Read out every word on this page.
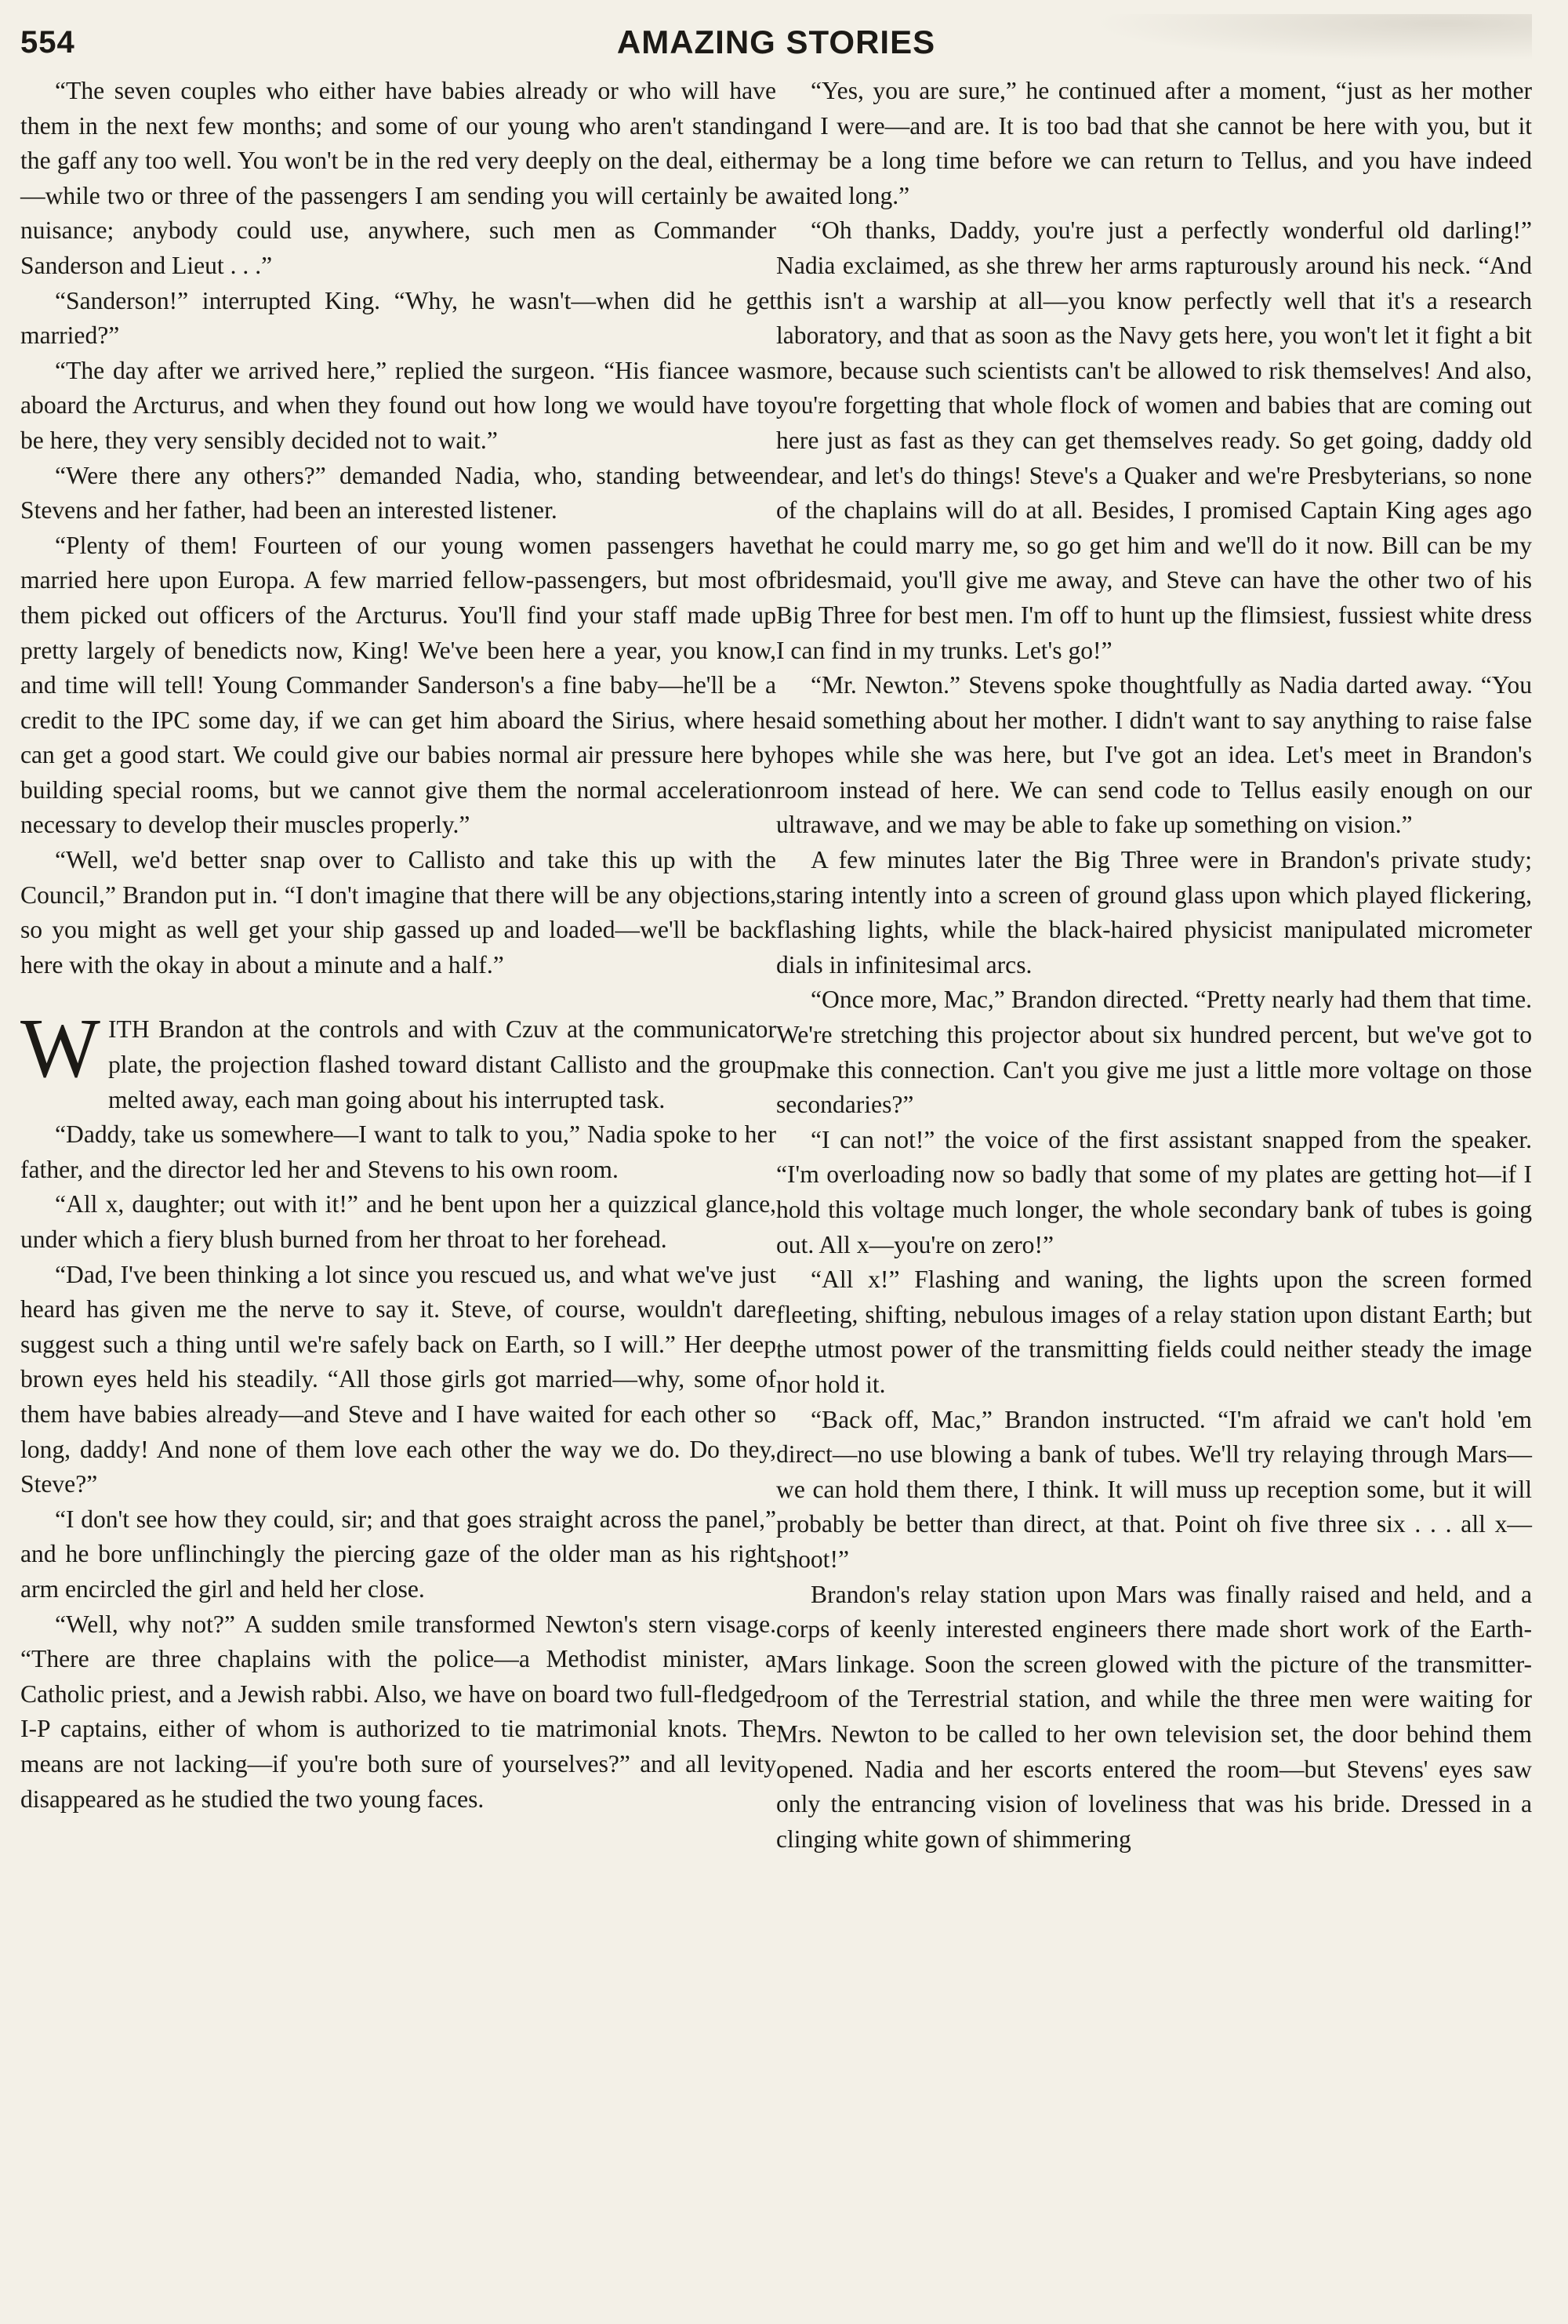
554	AMAZING STORIES

“The seven couples who either have babies already or who will have them in the next few months; and some of our young who aren't standing the gaff any too well. You won't be in the red very deeply on the deal, either—while two or three of the passengers I am sending you will certainly be a nuisance; anybody could use, anywhere, such men as Commander Sanderson and Lieut . . .”

“Sanderson!” interrupted King. “Why, he wasn't—when did he get married?”

“The day after we arrived here,” replied the surgeon. “His fiancee was aboard the Arcturus, and when they found out how long we would have to be here, they very sensibly decided not to wait.”

“Were there any others?” demanded Nadia, who, standing between Stevens and her father, had been an interested listener.

“Plenty of them! Fourteen of our young women passengers have married here upon Europa. A few married fellow-passengers, but most of them picked out officers of the Arcturus. You'll find your staff made up pretty largely of benedicts now, King! We've been here a year, you know, and time will tell! Young Commander Sanderson's a fine baby—he'll be a credit to the IPC some day, if we can get him aboard the Sirius, where he can get a good start. We could give our babies normal air pressure here by building special rooms, but we cannot give them the normal acceleration necessary to develop their muscles properly.”

“Well, we'd better snap over to Callisto and take this up with the Council,” Brandon put in. “I don't imagine that there will be any objections, so you might as well get your ship gassed up and loaded—we'll be back here with the okay in about a minute and a half.”

WITH Brandon at the controls and with Czuv at the communicator plate, the projection flashed toward distant Callisto and the group melted away, each man going about his interrupted task.

“Daddy, take us somewhere—I want to talk to you,” Nadia spoke to her father, and the director led her and Stevens to his own room.

“All x, daughter; out with it!” and he bent upon her a quizzical glance, under which a fiery blush burned from her throat to her forehead.

“Dad, I've been thinking a lot since you rescued us, and what we've just heard has given me the nerve to say it. Steve, of course, wouldn't dare suggest such a thing until we're safely back on Earth, so I will.” Her deep brown eyes held his steadily. “All those girls got married—why, some of them have babies already—and Steve and I have waited for each other so long, daddy! And none of them love each other the way we do. Do they, Steve?”

“I don't see how they could, sir; and that goes straight across the panel,” and he bore unflinchingly the piercing gaze of the older man as his right arm encircled the girl and held her close.

“Well, why not?” A sudden smile transformed Newton's stern visage. “There are three chaplains with the police—a Methodist minister, a Catholic priest, and a Jewish rabbi. Also, we have on board two full-fledged I-P captains, either of whom is authorized to tie matrimonial knots. The means are not lacking—if you're both sure of yourselves?” and all levity disappeared as he studied the two young faces.

“Yes, you are sure,” he continued after a moment, “just as her mother and I were—and are. It is too bad that she cannot be here with you, but it may be a long time before we can return to Tellus, and you have indeed waited long.”

“Oh thanks, Daddy, you're just a perfectly wonderful old darling!” Nadia exclaimed, as she threw her arms rapturously around his neck. “And this isn't a warship at all—you know perfectly well that it's a research laboratory, and that as soon as the Navy gets here, you won't let it fight a bit more, because such scientists can't be allowed to risk themselves! And also, you're forgetting that whole flock of women and babies that are coming out here just as fast as they can get themselves ready. So get going, daddy old dear, and let's do things! Steve's a Quaker and we're Presbyterians, so none of the chaplains will do at all. Besides, I promised Captain King ages ago that he could marry me, so go get him and we'll do it now. Bill can be my bridesmaid, you'll give me away, and Steve can have the other two of his Big Three for best men. I'm off to hunt up the flimsiest, fussiest white dress I can find in my trunks. Let's go!”

“Mr. Newton.” Stevens spoke thoughtfully as Nadia darted away. “You said something about her mother. I didn't want to say anything to raise false hopes while she was here, but I've got an idea. Let's meet in Brandon's room instead of here. We can send code to Tellus easily enough on our ultrawave, and we may be able to fake up something on vision.”

A few minutes later the Big Three were in Brandon's private study; staring intently into a screen of ground glass upon which played flickering, flashing lights, while the black-haired physicist manipulated micrometer dials in infinitesimal arcs.

“Once more, Mac,” Brandon directed. “Pretty nearly had them that time. We're stretching this projector about six hundred percent, but we've got to make this connection. Can't you give me just a little more voltage on those secondaries?”

“I can not!” the voice of the first assistant snapped from the speaker. “I'm overloading now so badly that some of my plates are getting hot—if I hold this voltage much longer, the whole secondary bank of tubes is going out. All x—you're on zero!”

“All x!” Flashing and waning, the lights upon the screen formed fleeting, shifting, nebulous images of a relay station upon distant Earth; but the utmost power of the transmitting fields could neither steady the image nor hold it.

“Back off, Mac,” Brandon instructed. “I'm afraid we can't hold 'em direct—no use blowing a bank of tubes. We'll try relaying through Mars—we can hold them there, I think. It will muss up reception some, but it will probably be better than direct, at that. Point oh five three six . . . all x—shoot!”

Brandon's relay station upon Mars was finally raised and held, and a corps of keenly interested engineers there made short work of the Earth-Mars linkage. Soon the screen glowed with the picture of the transmitter-room of the Terrestrial station, and while the three men were waiting for Mrs. Newton to be called to her own television set, the door behind them opened. Nadia and her escorts entered the room—but Stevens' eyes saw only the entrancing vision of loveliness that was his bride. Dressed in a clinging white gown of shimmering
